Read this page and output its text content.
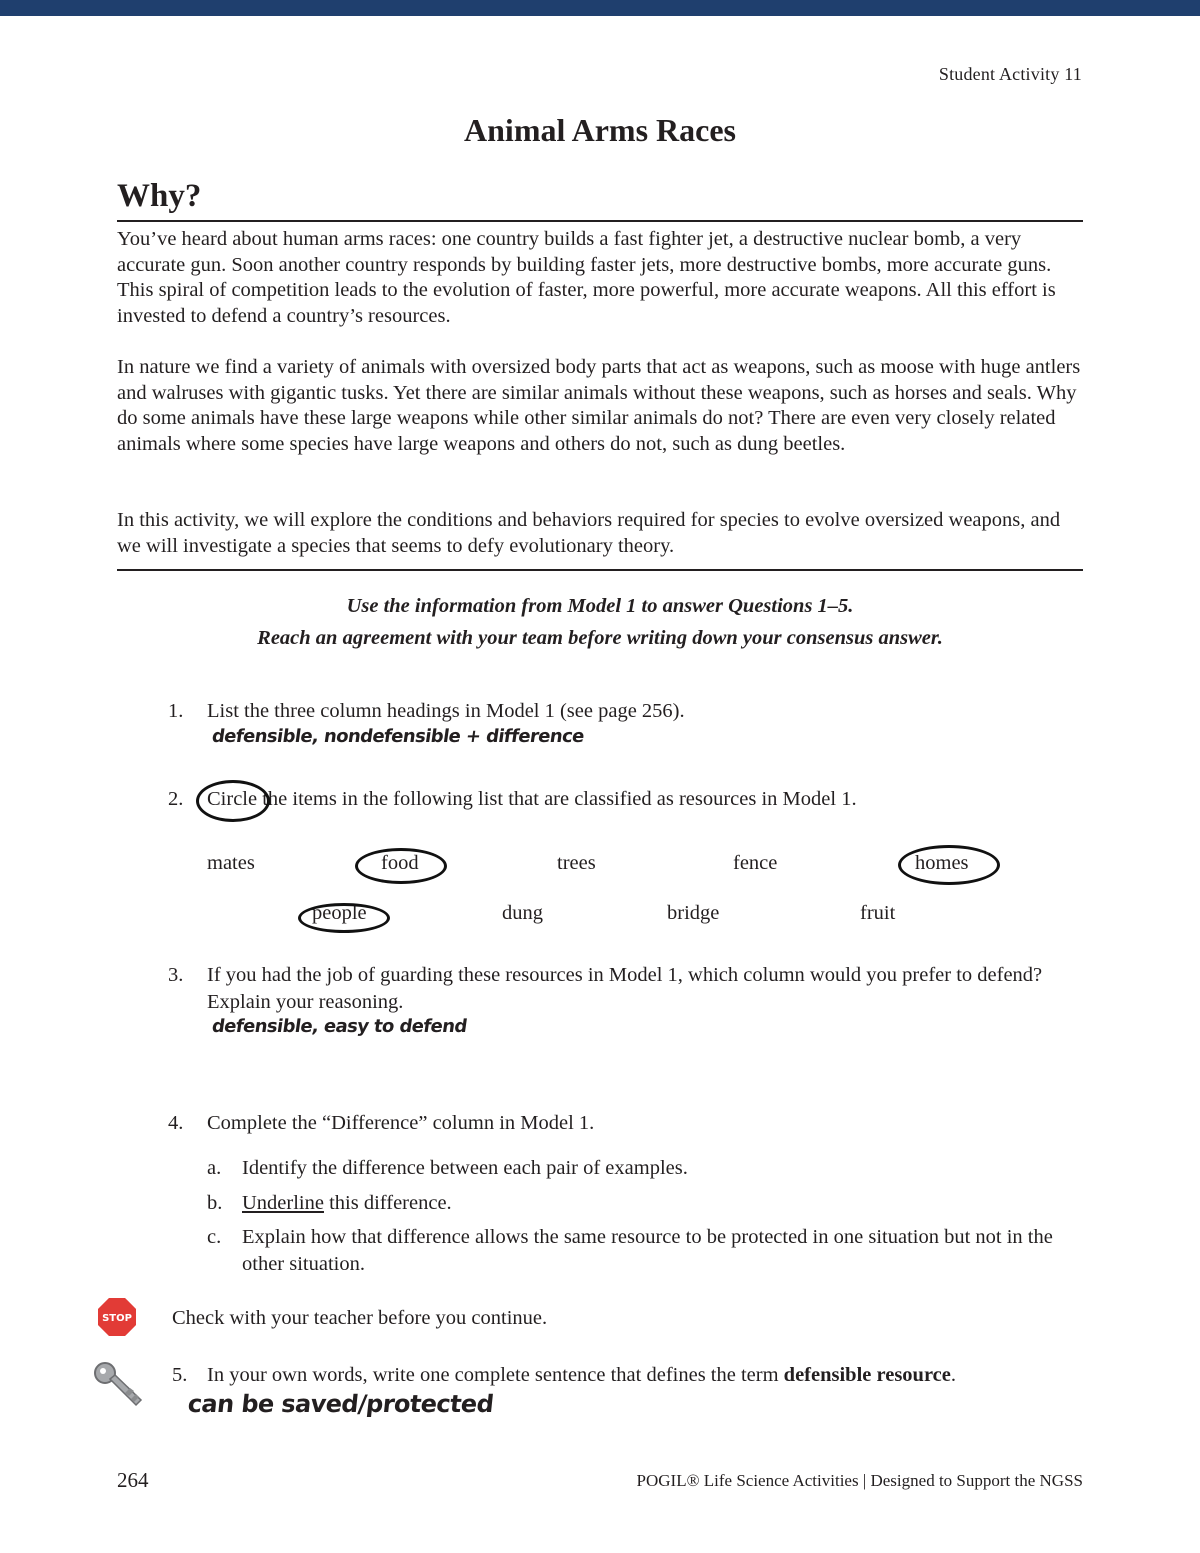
Student Activity 11
Animal Arms Races
Why?

You’ve heard about human arms races: one country builds a fast fighter jet, a destructive nuclear bomb, a very accurate gun. Soon another country responds by building faster jets, more destructive bombs, more accurate guns. This spiral of competition leads to the evolution of faster, more powerful, more accurate weapons. All this effort is invested to defend a country’s resources.

In nature we find a variety of animals with oversized body parts that act as weapons, such as moose with huge antlers and walruses with gigantic tusks. Yet there are similar animals without these weapons, such as horses and seals. Why do some animals have these large weapons while other similar animals do not? There are even very closely related animals where some species have large weapons and others do not, such as dung beetles.

In this activity, we will explore the conditions and behaviors required for species to evolve oversized weapons, and we will investigate a species that seems to defy evolutionary theory.

Use the information from Model 1 to answer Questions 1–5.
Reach an agreement with your team before writing down your consensus answer.
1. List the three column headings in Model 1 (see page 256).
defensible, nondefensible + difference
2. Circle the items in the following list that are classified as resources in Model 1.
mates	food	trees	fence	homes
people	dung	bridge	fruit
3. If you had the job of guarding these resources in Model 1, which column would you prefer to defend? Explain your reasoning.
defensible, easy to defend
4. Complete the “Difference” column in Model 1.
a. Identify the difference between each pair of examples.
b. Underline this difference.
c. Explain how that difference allows the same resource to be protected in one situation but not in the other situation.
STOP Check with your teacher before you continue.
5. In your own words, write one complete sentence that defines the term defensible resource.
can be saved/protected
264	POGIL® Life Science Activities | Designed to Support the NGSS
